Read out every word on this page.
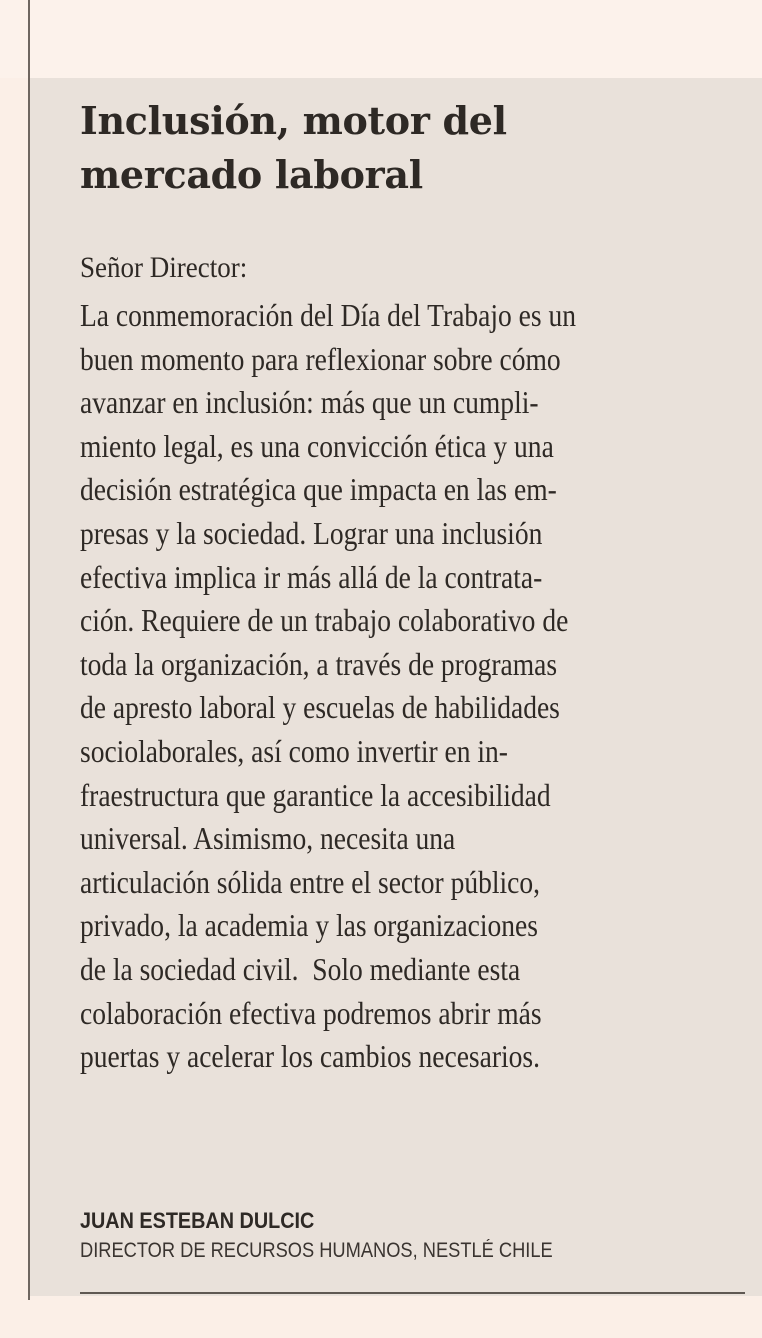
Inclusión, motor del
mercado laboral

Señor Director:

La conmemoración del Día del Trabajo es un
buen momento para reflexionar sobre cómo
avanzar en inclusión: más que un cumpli-
miento legal, es una convicción ética y una
decisión estratégica que impacta en las em-
presas y la sociedad. Lograr una inclusión
efectiva implica ir más allá de la contrata-
ción. Requiere de un trabajo colaborativo de
toda la organización, a través de programas
de apresto laboral y escuelas de habilidades
sociolaborales, así como invertir en in-
fraestructura que garantice la accesibilidad
universal. Asimismo, necesita una
articulación sólida entre el sector público,
privado, la academia y las organizaciones
de la sociedad civil.  Solo mediante esta
colaboración efectiva podremos abrir más
puertas y acelerar los cambios necesarios.

JUAN ESTEBAN DULCIC

DIRECTOR DE RECURSOS HUMANOS, NESTLÉ CHILE
